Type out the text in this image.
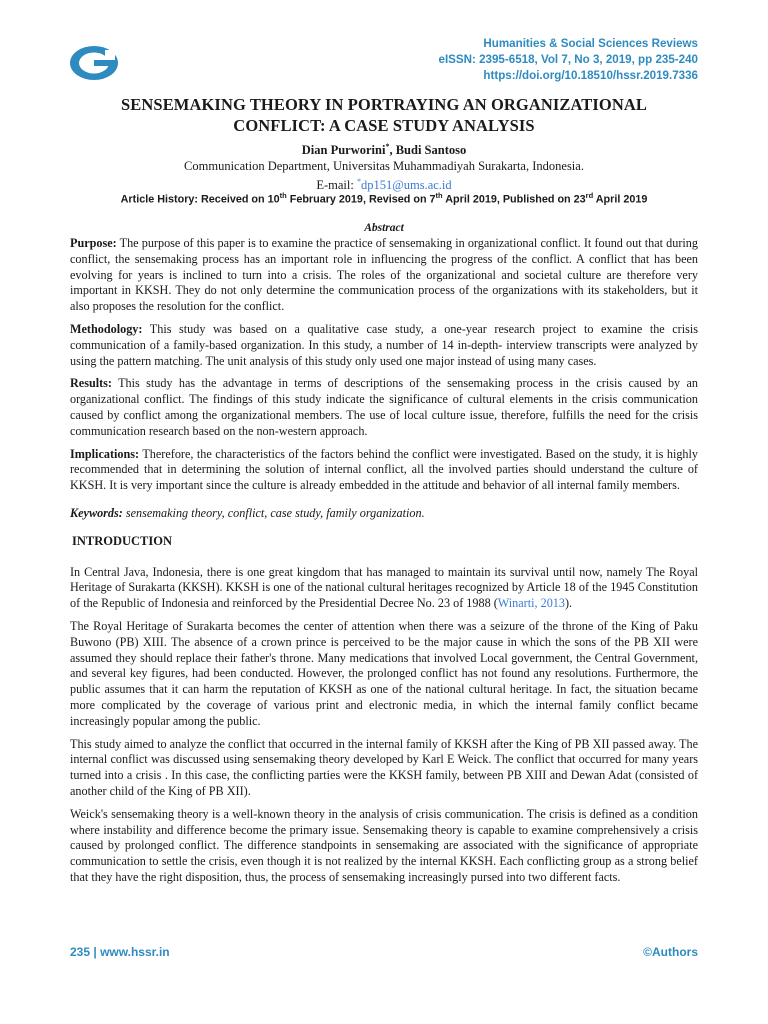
Humanities & Social Sciences Reviews
eISSN: 2395-6518, Vol 7, No 3, 2019, pp 235-240
https://doi.org/10.18510/hssr.2019.7336
SENSEMAKING THEORY IN PORTRAYING AN ORGANIZATIONAL
CONFLICT: A CASE STUDY ANALYSIS
Dian Purworini*, Budi Santoso
Communication Department, Universitas Muhammadiyah Surakarta, Indonesia.
E-mail: *dp151@ums.ac.id
Article History: Received on 10th February 2019, Revised on 7th April 2019, Published on 23rd April 2019
Abstract

Purpose: The purpose of this paper is to examine the practice of sensemaking in organizational conflict. It found out that during conflict, the sensemaking process has an important role in influencing the progress of the conflict. A conflict that has been evolving for years is inclined to turn into a crisis. The roles of the organizational and societal culture are therefore very important in KKSH. They do not only determine the communication process of the organizations with its stakeholders, but it also proposes the resolution for the conflict.

Methodology: This study was based on a qualitative case study, a one-year research project to examine the crisis communication of a family-based organization. In this study, a number of 14 in-depth- interview transcripts were analyzed by using the pattern matching. The unit analysis of this study only used one major instead of using many cases.

Results: This study has the advantage in terms of descriptions of the sensemaking process in the crisis caused by an organizational conflict. The findings of this study indicate the significance of cultural elements in the crisis communication caused by conflict among the organizational members. The use of local culture issue, therefore, fulfills the need for the crisis communication research based on the non-western approach.

Implications: Therefore, the characteristics of the factors behind the conflict were investigated. Based on the study, it is highly recommended that in determining the solution of internal conflict, all the involved parties should understand the culture of KKSH. It is very important since the culture is already embedded in the attitude and behavior of all internal family members.

Keywords: sensemaking theory, conflict, case study, family organization.

INTRODUCTION

In Central Java, Indonesia, there is one great kingdom that has managed to maintain its survival until now, namely The Royal Heritage of Surakarta (KKSH). KKSH is one of the national cultural heritages recognized by Article 18 of the 1945 Constitution of the Republic of Indonesia and reinforced by the Presidential Decree No. 23 of 1988 (Winarti, 2013).

The Royal Heritage of Surakarta becomes the center of attention when there was a seizure of the throne of the King of Paku Buwono (PB) XIII. The absence of a crown prince is perceived to be the major cause in which the sons of the PB XII were assumed they should replace their father's throne. Many medications that involved Local government, the Central Government, and several key figures, had been conducted. However, the prolonged conflict has not found any resolutions. Furthermore, the public assumes that it can harm the reputation of KKSH as one of the national cultural heritage. In fact, the situation became more complicated by the coverage of various print and electronic media, in which the internal family conflict became increasingly popular among the public.

This study aimed to analyze the conflict that occurred in the internal family of KKSH after the King of PB XII passed away. The internal conflict was discussed using sensemaking theory developed by Karl E Weick. The conflict that occurred for many years turned into a crisis . In this case, the conflicting parties were the KKSH family, between PB XIII and Dewan Adat (consisted of another child of the King of PB XII).

Weick's sensemaking theory is a well-known theory in the analysis of crisis communication. The crisis is defined as a condition where instability and difference become the primary issue. Sensemaking theory is capable to examine comprehensively a crisis caused by prolonged conflict. The difference standpoints in sensemaking are associated with the significance of appropriate communication to settle the crisis, even though it is not realized by the internal KKSH. Each conflicting group as a strong belief that they have the right disposition, thus, the process of sensemaking increasingly pursed into two different facts.

235 | www.hssr.in	©Authors
